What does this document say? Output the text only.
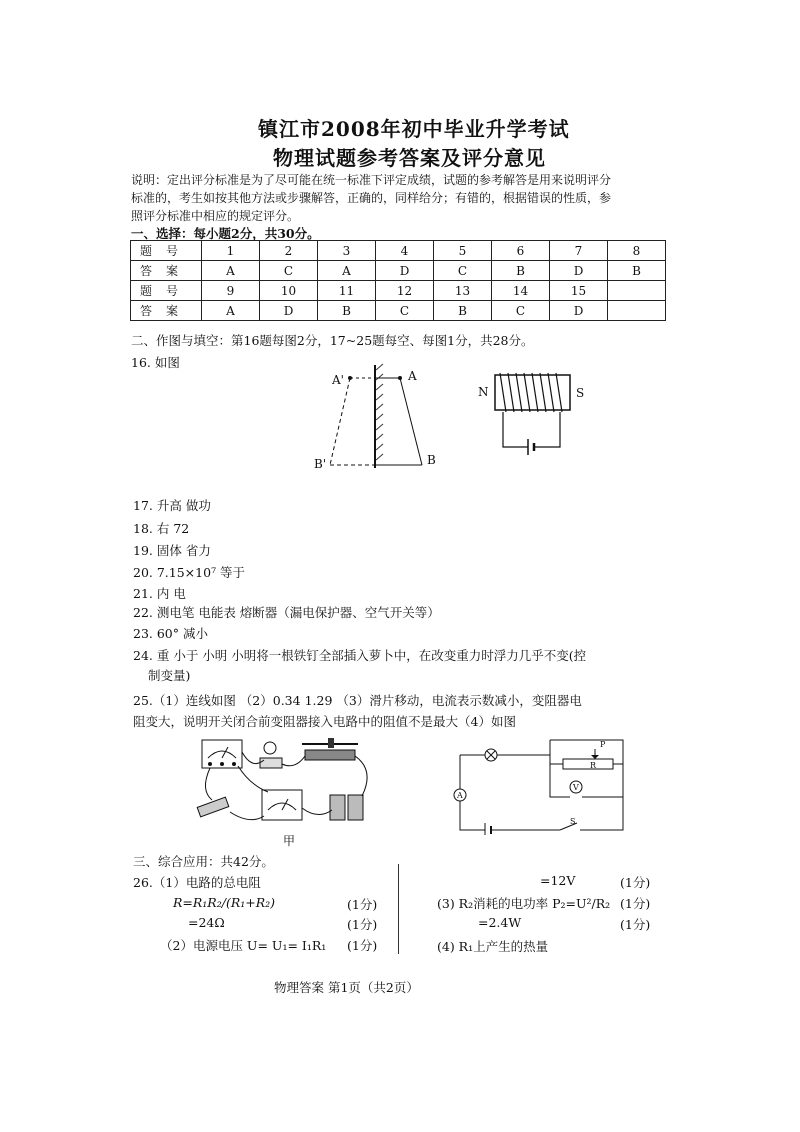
镇江市2008年初中毕业升学考试
物理试题参考答案及评分意见
说明：定出评分标准是为了尽可能在统一标准下评定成绩，试题的参考解答是用来说明评分
标准的，考生如按其他方法或步骤解答，正确的，同样给分；有错的，根据错误的性质，参
照评分标准中相应的规定评分。
一、选择：每小题2分，共30分。
题号	1	2	3	4	5	6	7	8
答案	A	C	A	D	C	B	D	B
题号	9	10	11	12	13	14	15	
答案	A	D	B	C	B	C	D	
二、作图与填空：第16题每图2分，17~25题每空、每图1分，共28分。
16. 如图
A'	A
B'	B
N	S
17. 升高 做功
18. 右 72
19. 固体 省力
20. 7.15×10⁷ 等于
21. 内 电
22. 测电笔 电能表 熔断器（漏电保护器、空气开关等）
23. 60° 减小
24. 重 小于 小明 小明将一根铁钉全部插入萝卜中，在改变重力时浮力几乎不变(控
制变量)
25.（1）连线如图 （2）0.34 1.29 （3）滑片移动，电流表示数减小，变阻器电
阻变大，说明开关闭合前变阻器接入电路中的阻值不是最大（4）如图
甲
A
V
P
R
S
三、综合应用：共42分。
26.（1）电路的总电阻
R=R₁R₂/(R₁+R₂)	(1分)
=24Ω	(1分)
（2）电源电压 U= U₁= I₁R₁ (1分)
=12V	(1分)
(3) R₂消耗的电功率 P₂=U²/R₂ (1分)
=2.4W	(1分)
(4) R₁上产生的热量
物理答案 第1页（共2页）
